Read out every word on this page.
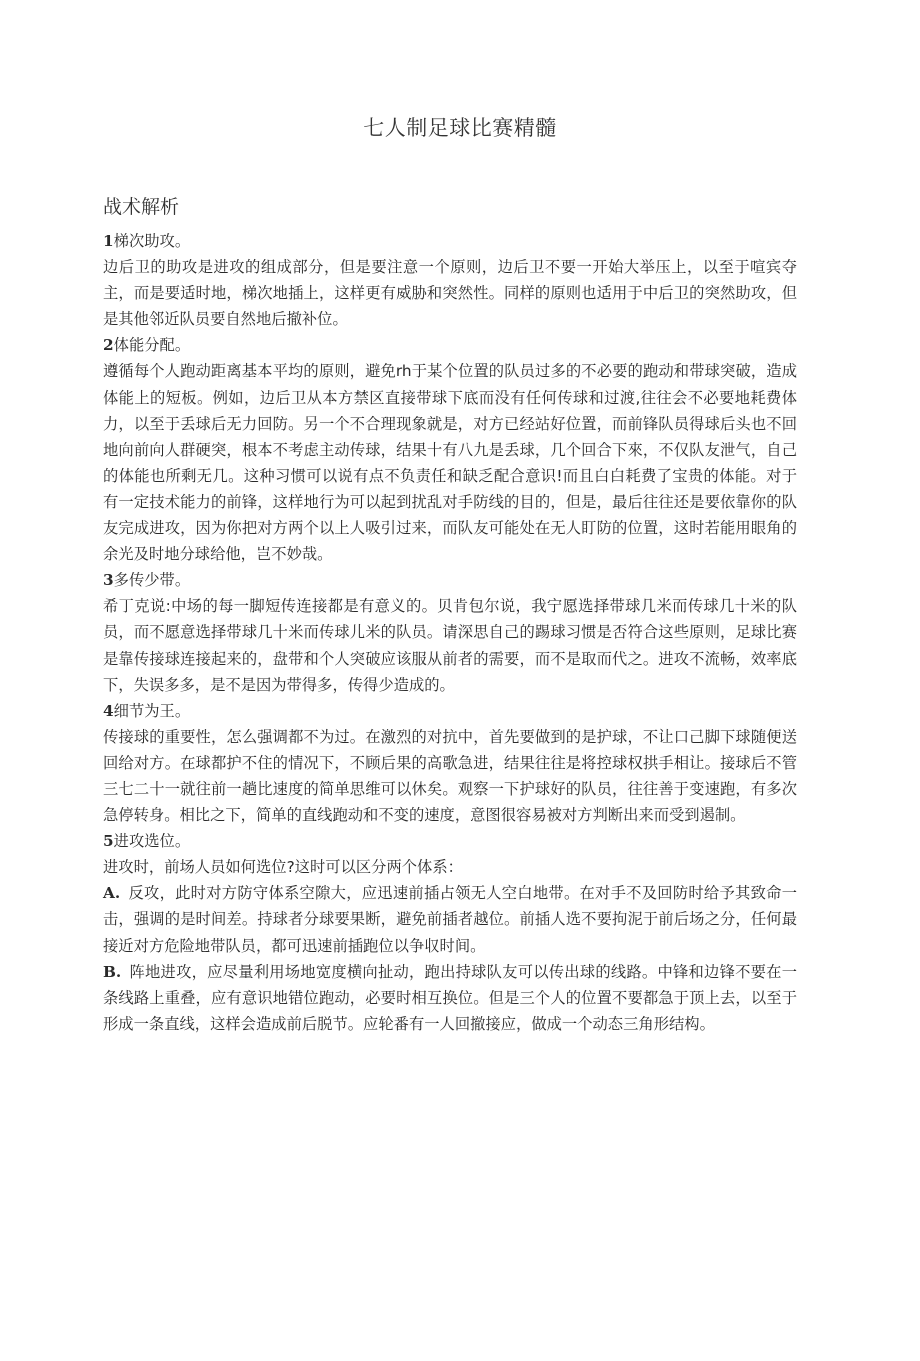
七人制足球比赛精髓
战术解析

1梯次助攻。

边后卫的助攻是进攻的组成部分，但是要注意一个原则，边后卫不要一开始大举压上，以至于喧宾夺主，而是要适时地，梯次地插上，这样更有威胁和突然性。同样的原则也适用于中后卫的突然助攻，但是其他邻近队员要自然地后撤补位。

2体能分配。

遵循每个人跑动距离基本平均的原则，避免rh于某个位置的队员过多的不必要的跑动和带球突破，造成体能上的短板。例如，边后卫从本方禁区直接带球下底而没有任何传球和过渡,往往会不必要地耗费体力，以至于丢球后无力回防。另一个不合理现象就是，对方已经站好位置，而前锋队员得球后头也不回地向前向人群硬突，根本不考虑主动传球，结果十有八九是丢球，几个回合下來，不仅队友泄气，自己的体能也所剩无几。这种习惯可以说有点不负责任和缺乏配合意识!而且白白耗费了宝贵的体能。对于有一定技术能力的前锋，这样地行为可以起到扰乱对手防线的目的，但是，最后往往还是要依靠你的队友完成进攻，因为你把对方两个以上人吸引过来，而队友可能处在无人盯防的位置，这时若能用眼角的余光及时地分球给他，岂不妙哉。

3多传少带。

希丁克说:中场的每一脚短传连接都是有意义的。贝肯包尔说，我宁愿选择带球几米而传球几十米的队员，而不愿意选择带球几十米而传球儿米的队员。请深思自己的踢球习惯是否符合这些原则，足球比赛是靠传接球连接起来的，盘带和个人突破应该服从前者的需要，而不是取而代之。进攻不流畅，效率底下，失误多多，是不是因为带得多，传得少造成的。

4细节为王。

传接球的重要性，怎么强调都不为过。在激烈的对抗中，首先要做到的是护球，不让口己脚下球随便送回给对方。在球都护不住的情况下，不顾后果的高歌急进，结果往往是将控球权拱手相让。接球后不管三七二十一就往前一趟比速度的简单思维可以休矣。观察一下护球好的队员，往往善于变速跑，有多次急停转身。相比之下，简单的直线跑动和不变的速度，意图很容易被对方判断出来而受到遏制。

5进攻选位。

进攻时，前场人员如何选位?这时可以区分两个体系：

A. 反攻，此时对方防守体系空隙大，应迅速前插占领无人空白地带。在对手不及回防时给予其致命一击，强调的是时间差。持球者分球要果断，避免前插者越位。前插人选不要拘泥于前后场之分，任何最接近对方危险地带队员，都可迅速前插跑位以争収时间。

B. 阵地进攻，应尽量利用场地宽度横向扯动，跑出持球队友可以传出球的线路。中锋和边锋不要在一条线路上重叠，应有意识地错位跑动，必要时相互换位。但是三个人的位置不要都急于顶上去，以至于形成一条直线，这样会造成前后脱节。应轮番有一人回撤接应，做成一个动态三角形结构。
